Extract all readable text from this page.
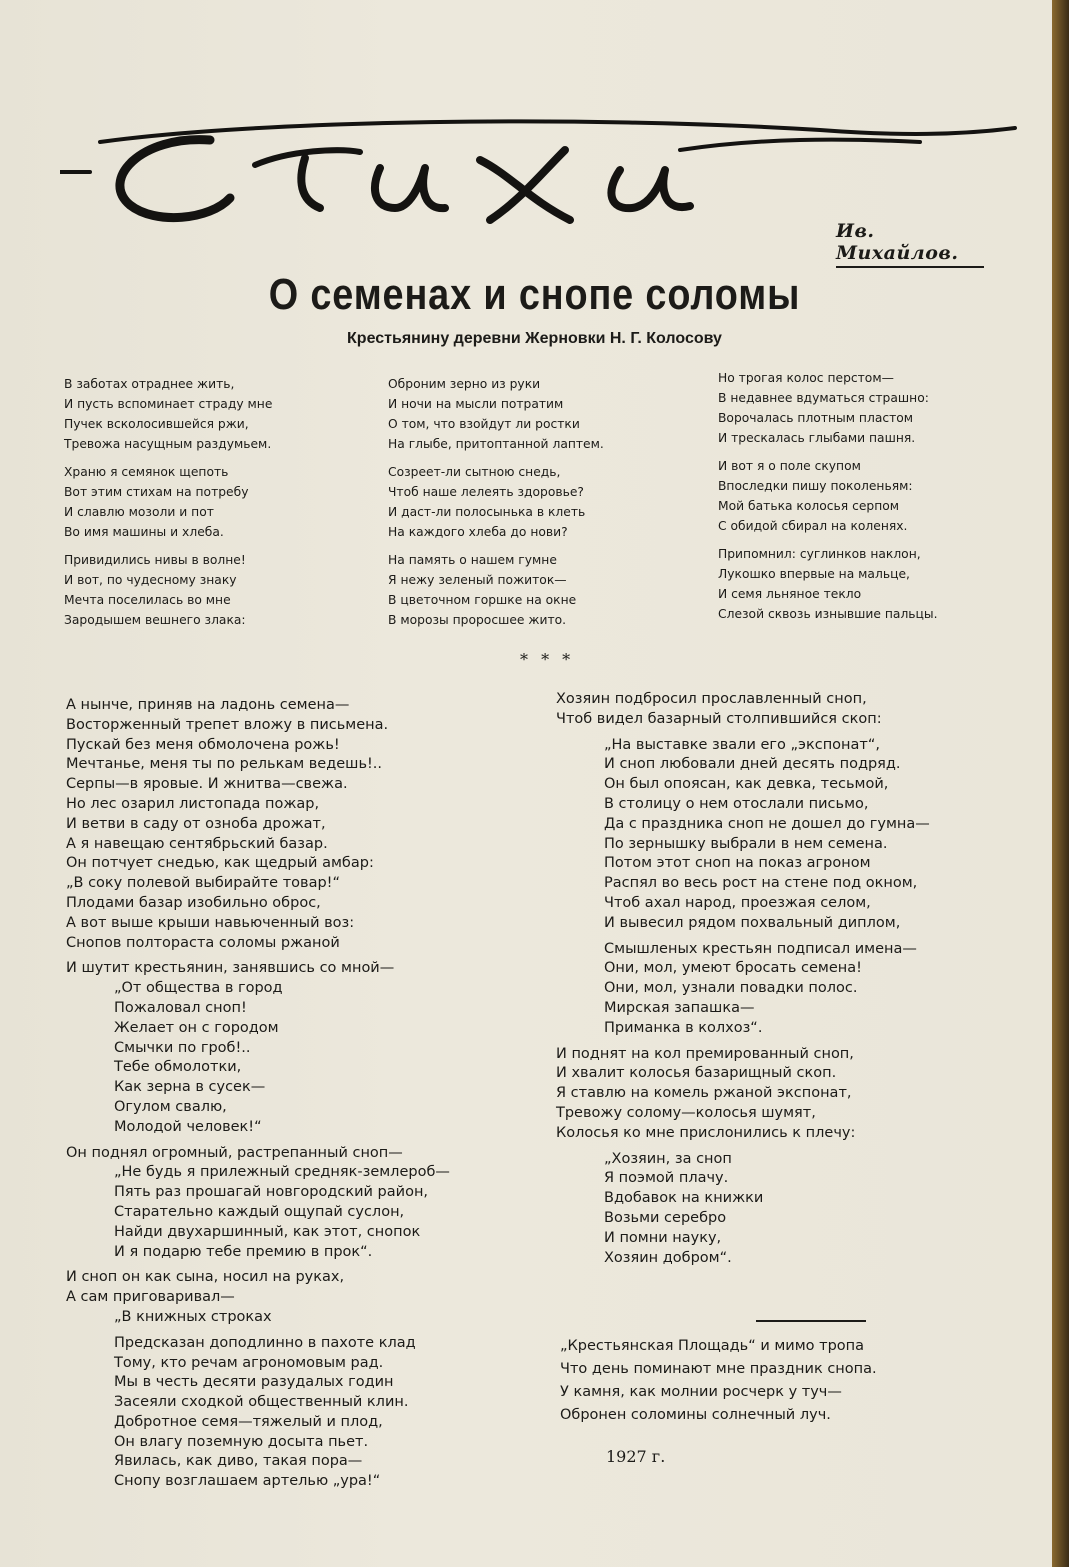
Ив. Михайлов.
О семенах и снопе соломы
Крестьянину деревни Жерновки Н. Г. Колосову
В заботах отраднее жить,
И пусть вспоминает страду мне
Пучек всколосившейся ржи,
Тревожа насущным раздумьем.
Храню я семянок щепоть
Вот этим стихам на потребу
И славлю мозоли и пот
Во имя машины и хлеба.
Привидились нивы в волне!
И вот, по чудесному знаку
Мечта поселилась во мне
Зародышем вешнего злака:
Оброним зерно из руки
И ночи на мысли потратим
О том, что взойдут ли ростки
На глыбе, притоптанной лаптем.
Созреет-ли сытною снедь,
Чтоб наше лелеять здоровье?
И даст-ли полосынька в клеть
На каждого хлеба до нови?
На память о нашем гумне
Я нежу зеленый пожиток—
В цветочном горшке на окне
В морозы проросшее жито.
Но трогая колос перстом—
В недавнее вдуматься страшно:
Ворочалась плотным пластом
И трескалась глыбами пашня.
И вот я о поле скупом
Впоследки пишу поколеньям:
Мой батька колосья серпом
С обидой сбирал на коленях.
Припомнил: суглинков наклон,
Лукошко впервые на мальце,
И семя льняное текло
Слезой сквозь изнывшие пальцы.
* * *
А нынче, приняв на ладонь семена—
Восторженный трепет вложу в письмена.
Пускай без меня обмолочена рожь!
Мечтанье, меня ты по релькам ведешь!..
Серпы—в яровые. И жнитва—свежа.
Но лес озарил листопада пожар,
И ветви в саду от озноба дрожат,
А я навещаю сентябрьский базар.
Он потчует снедью, как щедрый амбар:
„В соку полевой выбирайте товар!“
Плодами базар изобильно оброс,
А вот выше крыши навьюченный воз:
Снопов полтораста соломы ржаной
И шутит крестьянин, занявшись со мной—
„От общества в город
Пожаловал сноп!
Желает он с городом
Смычки по гроб!..
Тебе обмолотки,
Как зерна в сусек—
Огулом свалю,
Молодой человек!“
Он поднял огромный, растрепанный сноп—
„Не будь я прилежный средняк-землероб—
Пять раз прошагай новгородский район,
Старательно каждый ощупай суслон,
Найди двухаршинный, как этот, снопок
И я подарю тебе премию в прок“.
И сноп он как сына, носил на руках,
А сам приговаривал—
„В книжных строках
Предсказан доподлинно в пахоте клад
Тому, кто речам агрономовым рад.
Мы в честь десяти разудалых годин
Засеяли сходкой общественный клин.
Добротное семя—тяжелый и плод,
Он влагу поземную досыта пьет.
Явилась, как диво, такая пора—
Снопу возглашаем артелью „ура!“
Хозяин подбросил прославленный сноп,
Чтоб видел базарный столпившийся скоп:
„На выставке звали его „экспонат“,
И сноп любовали дней десять подряд.
Он был опоясан, как девка, тесьмой,
В столицу о нем отослали письмо,
Да с праздника сноп не дошел до гумна—
По зернышку выбрали в нем семена.
Потом этот сноп на показ агроном
Распял во весь рост на стене под окном,
Чтоб ахал народ, проезжая селом,
И вывесил рядом похвальный диплом,
Смышленых крестьян подписал имена—
Они, мол, умеют бросать семена!
Они, мол, узнали повадки полос.
Мирская запашка—
Приманка в колхоз“.
И поднят на кол премированный сноп,
И хвалит колосья базарищный скоп.
Я ставлю на комель ржаной экспонат,
Тревожу солому—колосья шумят,
Колосья ко мне прислонились к плечу:
„Хозяин, за сноп
Я поэмой плачу.
Вдобавок на книжки
Возьми серебро
И помни науку,
Хозяин добром“.
„Крестьянская Площадь“ и мимо тропа
Что день поминают мне праздник снопа.
У камня, как молнии росчерк у туч—
Обронен соломины солнечный луч.
1927 г.
